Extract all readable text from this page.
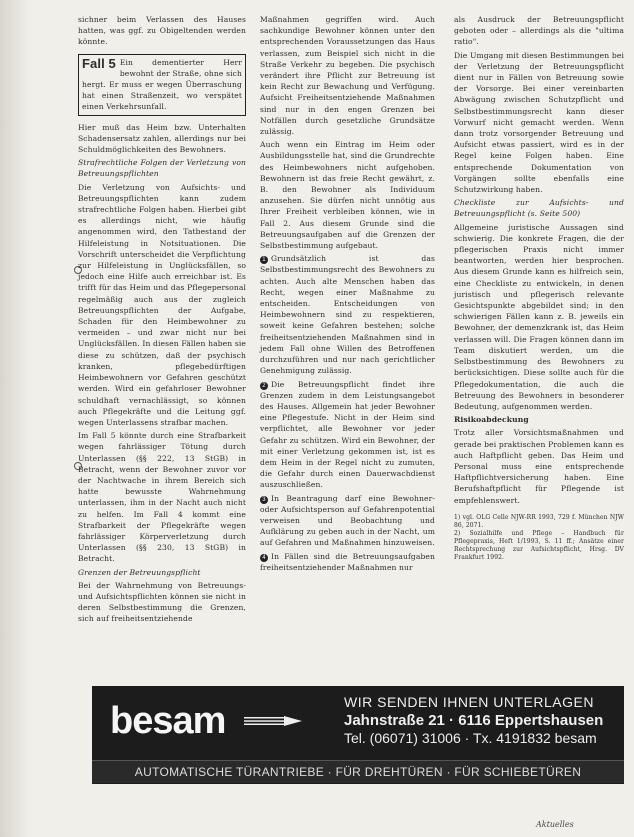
sichner beim Verlassen des Hauses hatten, was ggf. zu Obigeltenden werden könnte.

Fall 5 Ein dementierter Herr bewohnt der Straße, ohne sich hergt. Er muss er wegen Überraschung hat einen Straßenzeit, wo verspätet einen Verkehrsunfall.

Hier muß das Heim bzw. Unterhalten Schadensersatz zahlen, allerdings nur bei Schuldmöglichkeiten des Bewohners.

Strafrechtliche Folgen der Verletzung von Betreuungspflichten

Die Verletzung von Aufsichts- und Betreuungspflichten kann zudem strafrechtliche Folgen haben. Hierbei gibt es allerdings nicht, wie häufig angenommen wird, den Tatbestand der Hilfeleistung in Notsituationen. Die Vorschrift unterscheidet die Verpflichtung zur Hilfeleistung in Unglücksfällen, so jedoch eine Hilfe auch erreichbar ist. Es trifft für das Heim und das Pflegepersonal regelmäßig auch aus der zugleich Betreuungspflichten der Aufgabe, Schaden für den Heimbewohner zu vermeiden – und zwar nicht nur bei Unglücksfällen. In diesen Fällen haben sie diese zu schützen, daß der psychisch kranken, pflegebedürftigen Heimbewohnern vor Gefahren geschützt werden. Wird ein gefahrloser Bewohner schuldhaft vernachlässigt, so können auch Pflegekräfte und die Leitung ggf. wegen Unterlassens strafbar machen.

Im Fall 5 könnte durch eine Strafbarkeit wegen fahrlässiger Tötung durch Unterlassen (§§ 222, 13 StGB) in Betracht, wenn der Bewohner zuvor vor der Nachtwache in ihrem Bereich sich hatte bewusste Wahrnehmung unterlassen, ihm in der Nacht auch nicht zu helfen. Im Fall 4 kommt eine Strafbarkeit der Pflegekräfte wegen fahrlässiger Körperverletzung durch Unterlassen (§§ 230, 13 StGB) in Betracht.

Grenzen der Betreuungspflicht

Bei der Wahrnehmung von Betreuungs- und Aufsichtspflichten können sie nicht in deren Selbstbestimmung die Grenzen, sich auf freiheitsentziehende

Maßnahmen gegriffen wird. Auch sachkundige Bewohner können unter den entsprechenden Voraussetzungen das Haus verlassen, zum Beispiel sich nicht in die Straße Verkehr zu begeben. Die psychisch verändert ihre Pflicht zur Betreuung ist kein Recht zur Bewachung und Verfügung. Aufsicht Freiheitsentziehende Maßnahmen sind nur in den engen Grenzen bei Notfällen durch gesetzliche Grundsätze zulässig.

Auch wenn ein Eintrag im Heim oder Ausbildungsstelle hat, sind die Grundrechte des Heimbewohners nicht aufgehoben. Bewohnern ist das freie Recht gewährt, z. B. den Bewohner als Individuum anzusehen. Sie dürfen nicht unnötig aus Ihrer Freiheit verbleiben können, wie in Fall 2. Aus diesem Grunde sind die Betreuungsaufgaben auf die Grenzen der Selbstbestimmung aufgebaut.

1 Grundsätzlich ist das Selbstbestimmungsrecht des Bewohners zu achten. Auch alte Menschen haben das Recht, wegen einer Maßnahme zu entscheiden. Entscheidungen von Heimbewohnern sind zu respektieren, soweit keine Gefahren bestehen; solche freiheitsentziehenden Maßnahmen sind in jedem Fall ohne Willen des Betroffenen durchzuführen und nur nach gerichtlicher Genehmigung zulässig.

2 Die Betreuungspflicht findet ihre Grenzen zudem in dem Leistungsangebot des Hauses. Allgemein hat jeder Bewohner eine Pflegestufe. Nicht in der Heim sind verpflichtet, alle Bewohner vor jeder Gefahr zu schützen. Wird ein Bewohner, der mit einer Verletzung gekommen ist, ist es dem Heim in der Regel nicht zu zumuten, die Gefahr durch einen Dauerwachdienst auszuschließen.

3 In Beantragung darf eine Bewohner- oder Aufsichtsperson auf Gefahrenpotential verweisen und Beobachtung und Aufklärung zu geben auch in der Nacht, um auf Gefahren und Maßnahmen hinzuweisen.

4 In Fällen sind die Betreuungsaufgaben freiheitsentziehender Maßnahmen nur

als Ausdruck der Betreuungspflicht geboten oder – allerdings als die "ultima ratio".

Die Umgang mit diesen Bestimmungen bei der Verletzung der Betreuungspflicht dient nur in Fällen von Betreuung sowie der Vorsorge. Bei einer vereinbarten Abwägung zwischen Schutzpflicht und Selbstbestimmungsrecht kann dieser Vorwurf nicht gemacht werden. Wenn dann trotz vorsorgender Betreuung und Aufsicht etwas passiert, wird es in der Regel keine Folgen haben. Eine entsprechende Dokumentation von Vorgängen sollte ebenfalls eine Schutzwirkung haben.

Checkliste zur Aufsichts- und Betreuungspflicht (s. Seite 500)

Allgemeine juristische Aussagen sind schwierig. Die konkrete Fragen, die der pflegerischen Praxis nicht immer beantworten, werden hier besprochen. Aus diesem Grunde kann es hilfreich sein, eine Checkliste zu entwickeln, in denen juristisch und pflegerisch relevante Gesichtspunkte abgebildet sind; in den schwierigen Fällen kann z. B. jeweils ein Bewohner, der demenzkrank ist, das Heim verlassen will. Die Fragen können dann im Team diskutiert werden, um die Selbstbestimmung des Bewohners zu berücksichtigen. Diese sollte auch für die Pflegedokumentation, die auch die Betreuung des Bewohners in besonderer Bedeutung, aufgenommen werden.

Risikoabdeckung

Trotz aller Vorsichtsmaßnahmen und gerade bei praktischen Problemen kann es auch Haftpflicht geben. Das Heim und Personal muss eine entsprechende Haftpflichtversicherung haben. Eine Berufshaftpflicht für Pflegende ist empfehlenswert.

1) vgl. OLG Celle NJW-RR 1993, 729 f. München NJW 86, 2071.
2) Sozialhilfe und Pflege – Handbuch für Pflegepraxis, Heft 1/1993, S. 11 ff.; Ansätze einer Rechtsprechung zur Aufsichtspflicht, Hrsg. DV Frankfurt 1992.
besam	WIR SENDEN IHNEN UNTERLAGEN
Jahnstraße 21 · 6116 Eppertshausen
Tel. (06071) 31006 · Tx. 4191832 besam
AUTOMATISCHE TÜRANTRIEBE · FÜR DREHTÜREN · FÜR SCHIEBETÜREN
Aktuelles
